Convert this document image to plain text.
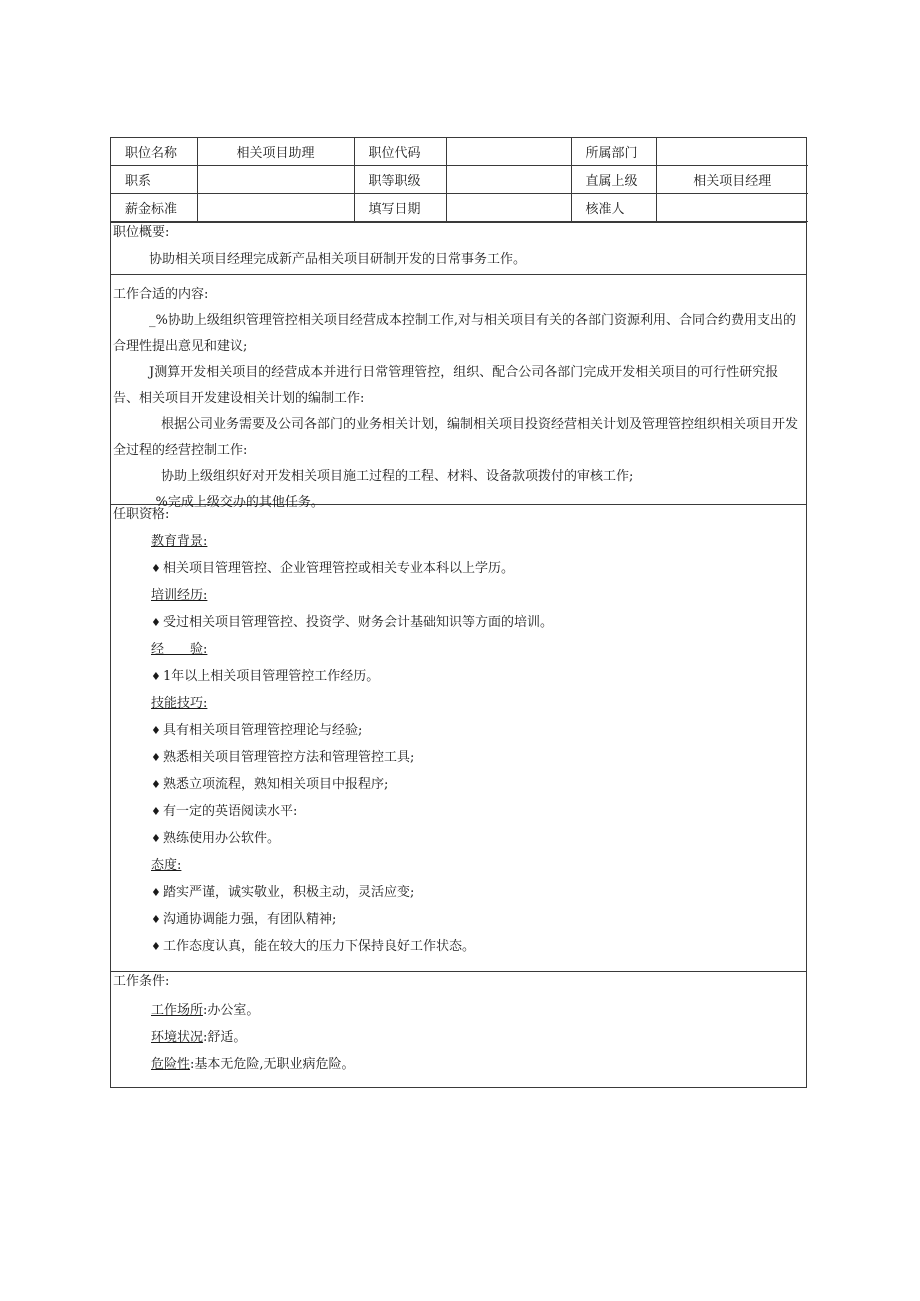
职位名称	相关项目助理	职位代码		所属部门	
职系		职等职级		直属上级	相关项目经理
薪金标准		填写日期		核准人	
职位概要:
协助相关项目经理完成新产品相关项目研制开发的日常事务工作。
工作合适的内容:
_%协助上级组织管理管控相关项目经营成本控制工作,对与相关项目有关的各部门资源利用、合同合约费用支出的合理性提出意见和建议;
J测算开发相关项目的经营成本并进行日常管理管控，组织、配合公司各部门完成开发相关项目的可行性研究报告、相关项目开发建设相关计划的编制工作:
根据公司业务需要及公司各部门的业务相关计划，编制相关项目投资经营相关计划及管理管控组织相关项目开发全过程的经营控制工作:
协助上级组织好对开发相关项目施工过程的工程、材料、设备款项拨付的审核工作;
_%完成上级交办的其他任务。
任职资格:
教育背景:
♦ 相关项目管理管控、企业管理管控或相关专业本科以上学历。
培训经历:
♦ 受过相关项目管理管控、投资学、财务会计基础知识等方面的培训。
经　　验:
♦ 1年以上相关项目管理管控工作经历。
技能技巧:
♦ 具有相关项目管理管控理论与经验;
♦ 熟悉相关项目管理管控方法和管理管控工具;
♦ 熟悉立项流程，熟知相关项目中报程序;
♦ 有一定的英语阅读水平:
♦ 熟练使用办公软件。
态度:
♦ 踏实严谨，诚实敬业，积极主动，灵活应变;
♦ 沟通协调能力强，有团队精神;
♦ 工作态度认真，能在较大的压力下保持良好工作状态。
工作条件:
工作场所:办公室。
环境状况:舒适。
危险性:基本无危险,无职业病危险。
